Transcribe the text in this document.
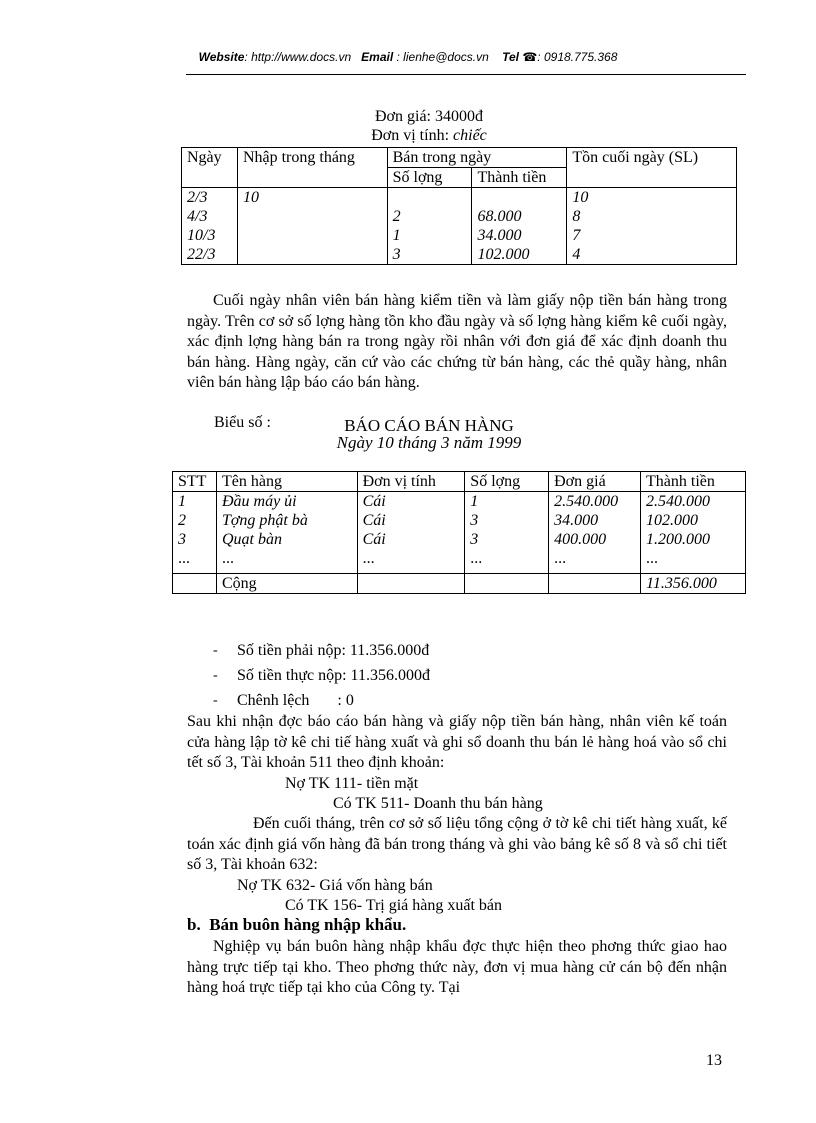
Website: http://www.docs.vn Email : lienhe@docs.vn Tel ☎: 0918.775.368
Đơn giá: 34000đ
Đơn vị tính: chiếc
Ngày	Nhập trong tháng	Bán trong ngày		Tồn cuối ngày (SL)
		Số lợng	Thành tiền	
2/3	10			10
4/3		2	68.000	8
10/3		1	34.000	7
22/3		3	102.000	4
Cuối ngày nhân viên bán hàng kiểm tiền và làm giấy nộp tiền bán hàng trong ngày. Trên cơ sở số lợng hàng tồn kho đầu ngày và số lợng hàng kiểm kê cuối ngày, xác định lợng hàng bán ra trong ngày rồi nhân với đơn giá để xác định doanh thu bán hàng. Hàng ngày, căn cứ vào các chứng từ bán hàng, các thẻ quầy hàng, nhân viên bán hàng lập báo cáo bán hàng.
Biểu số :	BÁO CÁO BÁN HÀNG
Ngày 10 tháng 3 năm 1999
STT	Tên hàng	Đơn vị tính	Số lợng	Đơn giá	Thành tiền
1	Đầu máy ủi	Cái	1	2.540.000	2.540.000
2	Tợng phật bà	Cái	3	34.000	102.000
3	Quạt bàn	Cái	3	400.000	1.200.000
...	...	...	...	...	...
	Cộng				11.356.000
- Số tiền phải nộp: 11.356.000đ
- Số tiền thực nộp: 11.356.000đ
- Chênh lệch       : 0
Sau khi nhận đợc báo cáo bán hàng và giấy nộp tiền bán hàng, nhân viên kế toán cửa hàng lập tờ kê chi tiế hàng xuất và ghi sổ doanh thu bán lẻ hàng hoá vào sổ chi tết số 3, Tài khoản 511 theo định khoản:
Nợ TK 111- tiền mặt
Có TK 511- Doanh thu bán hàng
Đến cuối tháng, trên cơ sở số liệu tổng cộng ở tờ kê chi tiết hàng xuất, kế toán xác định giá vốn hàng đã bán trong tháng và ghi vào bảng kê số 8 và sổ chi tiết số 3, Tài khoản 632:
Nợ TK 632- Giá vốn hàng bán
Có TK 156- Trị giá hàng xuất bán
b.  Bán buôn hàng nhập khẩu.
Nghiệp vụ bán buôn hàng nhập khẩu đợc thực hiện theo phơng thức giao hao hàng trực tiếp tại kho. Theo phơng thức này, đơn vị mua hàng cử cán bộ đến nhận hàng hoá trực tiếp tại kho của Công ty. Tại
13
